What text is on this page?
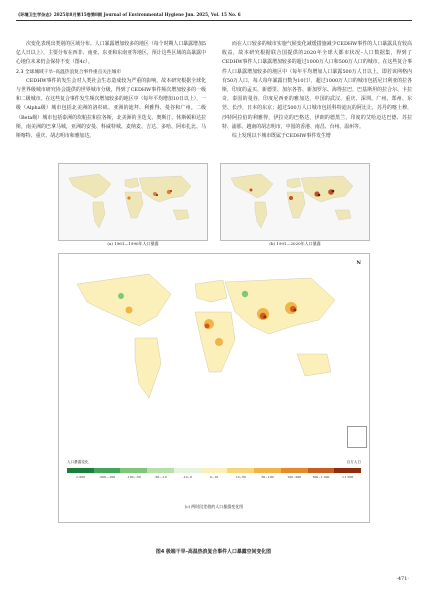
《环境卫生学杂志》2025年8月第15卷第8期 Journal of Environmental Hygiene Jun. 2025, Vol. 15 No. 6

次变化表现出类别的区域分布。人口暴露增加较多的地区（每个时期人口暴露增加5亿人日以上），主要分布在西非、南亚、东亚和东南亚等地区，预计这些区域的高暴露中心地位未来仍会保持不变（图4c）。

2.3 全球城域干旱–高温热浪复合事件重点关注城市

CEDHW事件的发生会对人类社会生态造成较为严重的影响，故本研究根据全球化与世界级城市研究协会提供的世界城市分级，得到了CEDHW事件频次增加较多的一级和二级城市。在这些复合事件发生频次增加较多的地区中（每年平均增加10日以上），一级（Alpha级）城市包括北美洲的洛杉矶、亚洲的迪拜、利雅得、曼谷和广州。二级（Beta级）城市包括泰洲的坎帕拉和拉各斯，北美洲的圣迭戈、奥斯汀、休斯顿和达拉斯，南美洲的巴拿马城，亚洲的安曼、科威特城、麦纳麦、吉达、多哈、阿布扎比、马斯喀特、重庆、胡志明市和雅加达。

而在人口较多的城市实施气候变化减缓措施减少CEDHW事件的人口暴露具有较高收益，故本研究根据联合国提供的2020年全球大都市状况–人口数据集，得到了CEDHW事件人口暴露增加较多的超过1000万人口和500万人口的城市。在这些复合事件人口暴露增加较多的地区中（每年平均增加人口暴露500万人日以上，即若该网格内有50万人口，每人每年暴露日数为10日），超过1000万人口的城市包括尼日利亚的拉各斯，印度的孟买、新德里、加尔各答、新加罗尔、海得拉巴，巴基斯坦的拉合尔、卡拉奇，泰国的曼谷，印度尼西亚的雅加达，中国的武汉、重庆、深圳、广州、郑州、东莞、长沙，日本的东京；超过500万人口城市包括科特迪瓦的阿比让，苏丹的喀土穆，沙特阿拉伯的利雅得，伊拉克的巴格达，伊朗的德黑兰，印度的艾哈迈达巴德、苏拉特、浦那，越南的胡志明市，中国的香港、南昌、台州、温州等。

综上发现以下城市既属于CEDHW事件发生增

(a) 1961—1990年人口暴露	(b) 1991—2020年人口暴露
N
人口暴露变化	百万人日
<-500	-500~-100	-100~-50	-50~-10	-10~0	0~10	10~50	50~100	100~500	500~1 000	>1 000
(c) 两时段差值的人口暴露变化图
图4 极端干旱–高温热浪复合事件人口暴露空间变化图
·471·
